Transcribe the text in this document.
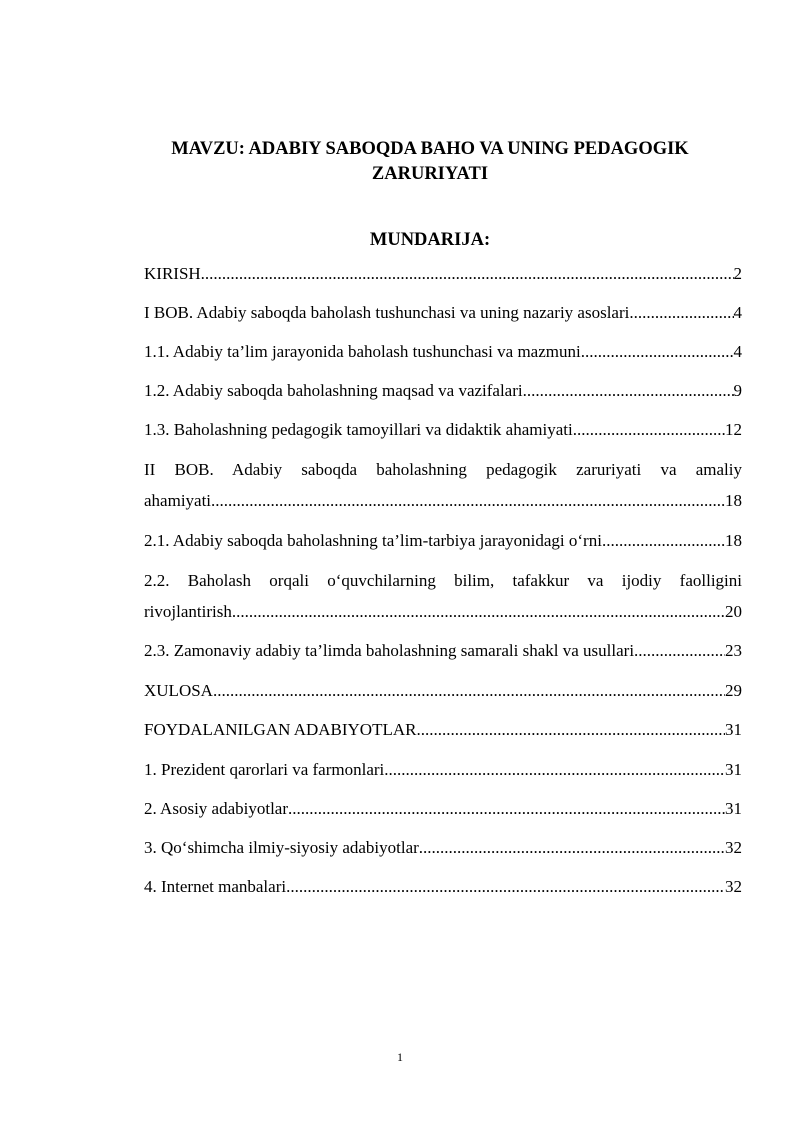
MAVZU: ADABIY SABOQDA BAHO VA UNING PEDAGOGIK
ZARURIYATI
MUNDARIJA:
KIRISH .....	2
I BOB. Adabiy saboqda baholash tushunchasi va uning nazariy asoslari .....	4
1.1. Adabiy ta’lim jarayonida baholash tushunchasi va mazmuni .....	4
1.2. Adabiy saboqda baholashning maqsad va vazifalari .....	9
1.3. Baholashning pedagogik tamoyillari va didaktik ahamiyati .....	12
II BOB. Adabiy saboqda baholashning pedagogik zaruriyati va amaliy
ahamiyati .....	18
2.1. Adabiy saboqda baholashning ta’lim-tarbiya jarayonidagi o‘rni .....	18
2.2. Baholash orqali o‘quvchilarning bilim, tafakkur va ijodiy faolligini
rivojlantirish .....	20
2.3. Zamonaviy adabiy ta’limda baholashning samarali shakl va usullari .....	23
XULOSA .....	29
FOYDALANILGAN ADABIYOTLAR .....	31
1. Prezident qarorlari va farmonlari .....	31
2. Asosiy adabiyotlar .....	31
3. Qo‘shimcha ilmiy-siyosiy adabiyotlar .....	32
4. Internet manbalari .....	32
1
